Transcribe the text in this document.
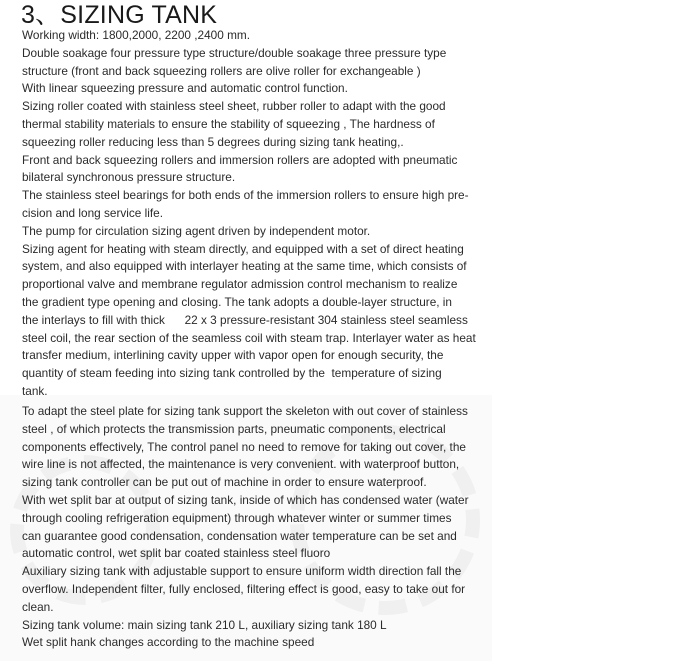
3、SIZING TANK
Working width: 1800,2000, 2200 ,2400 mm.
Double soakage four pressure type structure/double soakage three pressure type
structure (front and back squeezing rollers are olive roller for exchangeable )
With linear squeezing pressure and automatic control function.
Sizing roller coated with stainless steel sheet, rubber roller to adapt with the good
thermal stability materials to ensure the stability of squeezing , The hardness of
squeezing roller reducing less than 5 degrees during sizing tank heating,.
Front and back squeezing rollers and immersion rollers are adopted with pneumatic
bilateral synchronous pressure structure.
The stainless steel bearings for both ends of the immersion rollers to ensure high pre-
cision and long service life.
The pump for circulation sizing agent driven by independent motor.
Sizing agent for heating with steam directly, and equipped with a set of direct heating
system, and also equipped with interlayer heating at the same time, which consists of
proportional valve and membrane regulator admission control mechanism to realize
the gradient type opening and closing. The tank adopts a double-layer structure, in
the interlays to fill with thick      22 x 3 pressure-resistant 304 stainless steel seamless
steel coil, the rear section of the seamless coil with steam trap. Interlayer water as heat
transfer medium, interlining cavity upper with vapor open for enough security, the
quantity of steam feeding into sizing tank controlled by the  temperature of sizing
tank.
To adapt the steel plate for sizing tank support the skeleton with out cover of stainless
steel , of which protects the transmission parts, pneumatic components, electrical
components effectively, The control panel no need to remove for taking out cover, the
wire line is not affected, the maintenance is very convenient. with waterproof button,
sizing tank controller can be put out of machine in order to ensure waterproof.
With wet split bar at output of sizing tank, inside of which has condensed water (water
through cooling refrigeration equipment) through whatever winter or summer times
can guarantee good condensation, condensation water temperature can be set and
automatic control, wet split bar coated stainless steel fluoro
Auxiliary sizing tank with adjustable support to ensure uniform width direction fall the
overflow. Independent filter, fully enclosed, filtering effect is good, easy to take out for
clean.
Sizing tank volume: main sizing tank 210 L, auxiliary sizing tank 180 L
Wet split hank changes according to the machine speed
